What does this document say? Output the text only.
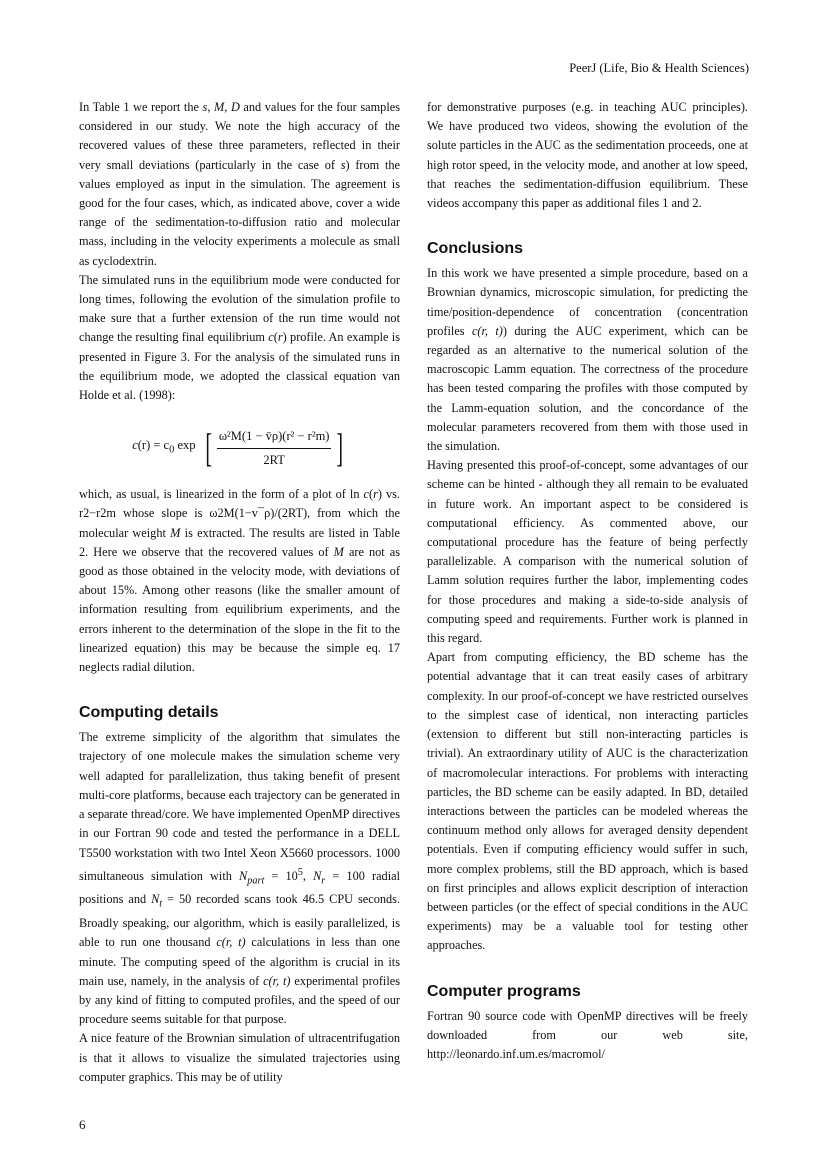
PeerJ (Life, Bio & Health Sciences)

In Table 1 we report the s, M, D and values for the four samples considered in our study. We note the high accuracy of the recovered values of these three parameters, reflected in their very small deviations (particularly in the case of s) from the values employed as input in the simulation. The agreement is good for the four cases, which, as indicated above, cover a wide range of the sedimentation-to-diffusion ratio and molecular mass, including in the velocity experiments a molecule as small as cyclodextrin.

The simulated runs in the equilibrium mode were conducted for long times, following the evolution of the simulation profile to make sure that a further extension of the run time would not change the resulting final equilibrium c(r) profile. An example is presented in Figure 3. For the analysis of the simulated runs in the equilibrium mode, we adopted the classical equation van Holde et al. (1998):

$c(r) = c_0$ exp [ $\frac{\text{ω²M(1 − v̄ρ)(r² − r²m)}}{2RT}$ ]

which, as usual, is linearized in the form of a plot of ln c(r) vs. r2−r2m whose slope is ω2M(1−v¯ρ)/(2RT), from which the molecular weight M is extracted. The results are listed in Table 2. Here we observe that the recovered values of M are not as good as those obtained in the velocity mode, with deviations of about 15%. Among other reasons (like the smaller amount of information resulting from equilibrium experiments, and the errors inherent to the determination of the slope in the fit to the linearized equation) this may be because the simple eq. 17 neglects radial dilution.

Computing details

The extreme simplicity of the algorithm that simulates the trajectory of one molecule makes the simulation scheme very well adapted for parallelization, thus taking benefit of present multi-core platforms, because each trajectory can be generated in a separate thread/core. We have implemented OpenMP directives in our Fortran 90 code and tested the performance in a DELL T5500 workstation with two Intel Xeon X5660 processors. 1000 simultaneous simulation with $N_{part} = 10^5$, $N_r = 100$ radial positions and $N_t = 50$ recorded scans took 46.5 CPU seconds. Broadly speaking, our algorithm, which is easily parallelized, is able to run one thousand c(r, t) calculations in less than one minute. The computing speed of the algorithm is crucial in its main use, namely, in the analysis of c(r, t) experimental profiles by any kind of fitting to computed profiles, and the speed of our procedure seems suitable for that purpose.

A nice feature of the Brownian simulation of ultracentrifugation is that it allows to visualize the simulated trajectories using computer graphics. This may be of utility

for demonstrative purposes (e.g. in teaching AUC principles). We have produced two videos, showing the evolution of the solute particles in the AUC as the sedimentation proceeds, one at high rotor speed, in the velocity mode, and another at low speed, that reaches the sedimentation-diffusion equilibrium. These videos accompany this paper as additional files 1 and 2.

Conclusions

In this work we have presented a simple procedure, based on a Brownian dynamics, microscopic simulation, for predicting the time/position-dependence of concentration (concentration profiles c(r, t)) during the AUC experiment, which can be regarded as an alternative to the numerical solution of the macroscopic Lamm equation. The correctness of the procedure has been tested comparing the profiles with those computed by the Lamm-equation solution, and the concordance of the molecular parameters recovered from them with those used in the simulation.

Having presented this proof-of-concept, some advantages of our scheme can be hinted - although they all remain to be evaluated in future work. An important aspect to be considered is computational efficiency. As commented above, our computational procedure has the feature of being perfectly parallelizable. A comparison with the numerical solution of Lamm solution requires further the labor, implementing codes for those procedures and making a side-to-side analysis of computing speed and requirements. Further work is planned in this regard.

Apart from computing efficiency, the BD scheme has the potential advantage that it can treat easily cases of arbitrary complexity. In our proof-of-concept we have restricted ourselves to the simplest case of identical, non interacting particles (extension to different but still non-interacting particles is trivial). An extraordinary utility of AUC is the characterization of macromolecular interactions. For problems with interacting particles, the BD scheme can be easily adapted. In BD, detailed interactions between the particles can be modeled whereas the continuum method only allows for averaged density dependent potentials. Even if computing efficiency would suffer in such, more complex problems, still the BD approach, which is based on first principles and allows explicit description of interaction between particles (or the effect of special conditions in the AUC experiments) may be a valuable tool for testing other approaches.

Computer programs

Fortran 90 source code with OpenMP directives will be freely downloaded from our web site, http://leonardo.inf.um.es/macromol/

6
